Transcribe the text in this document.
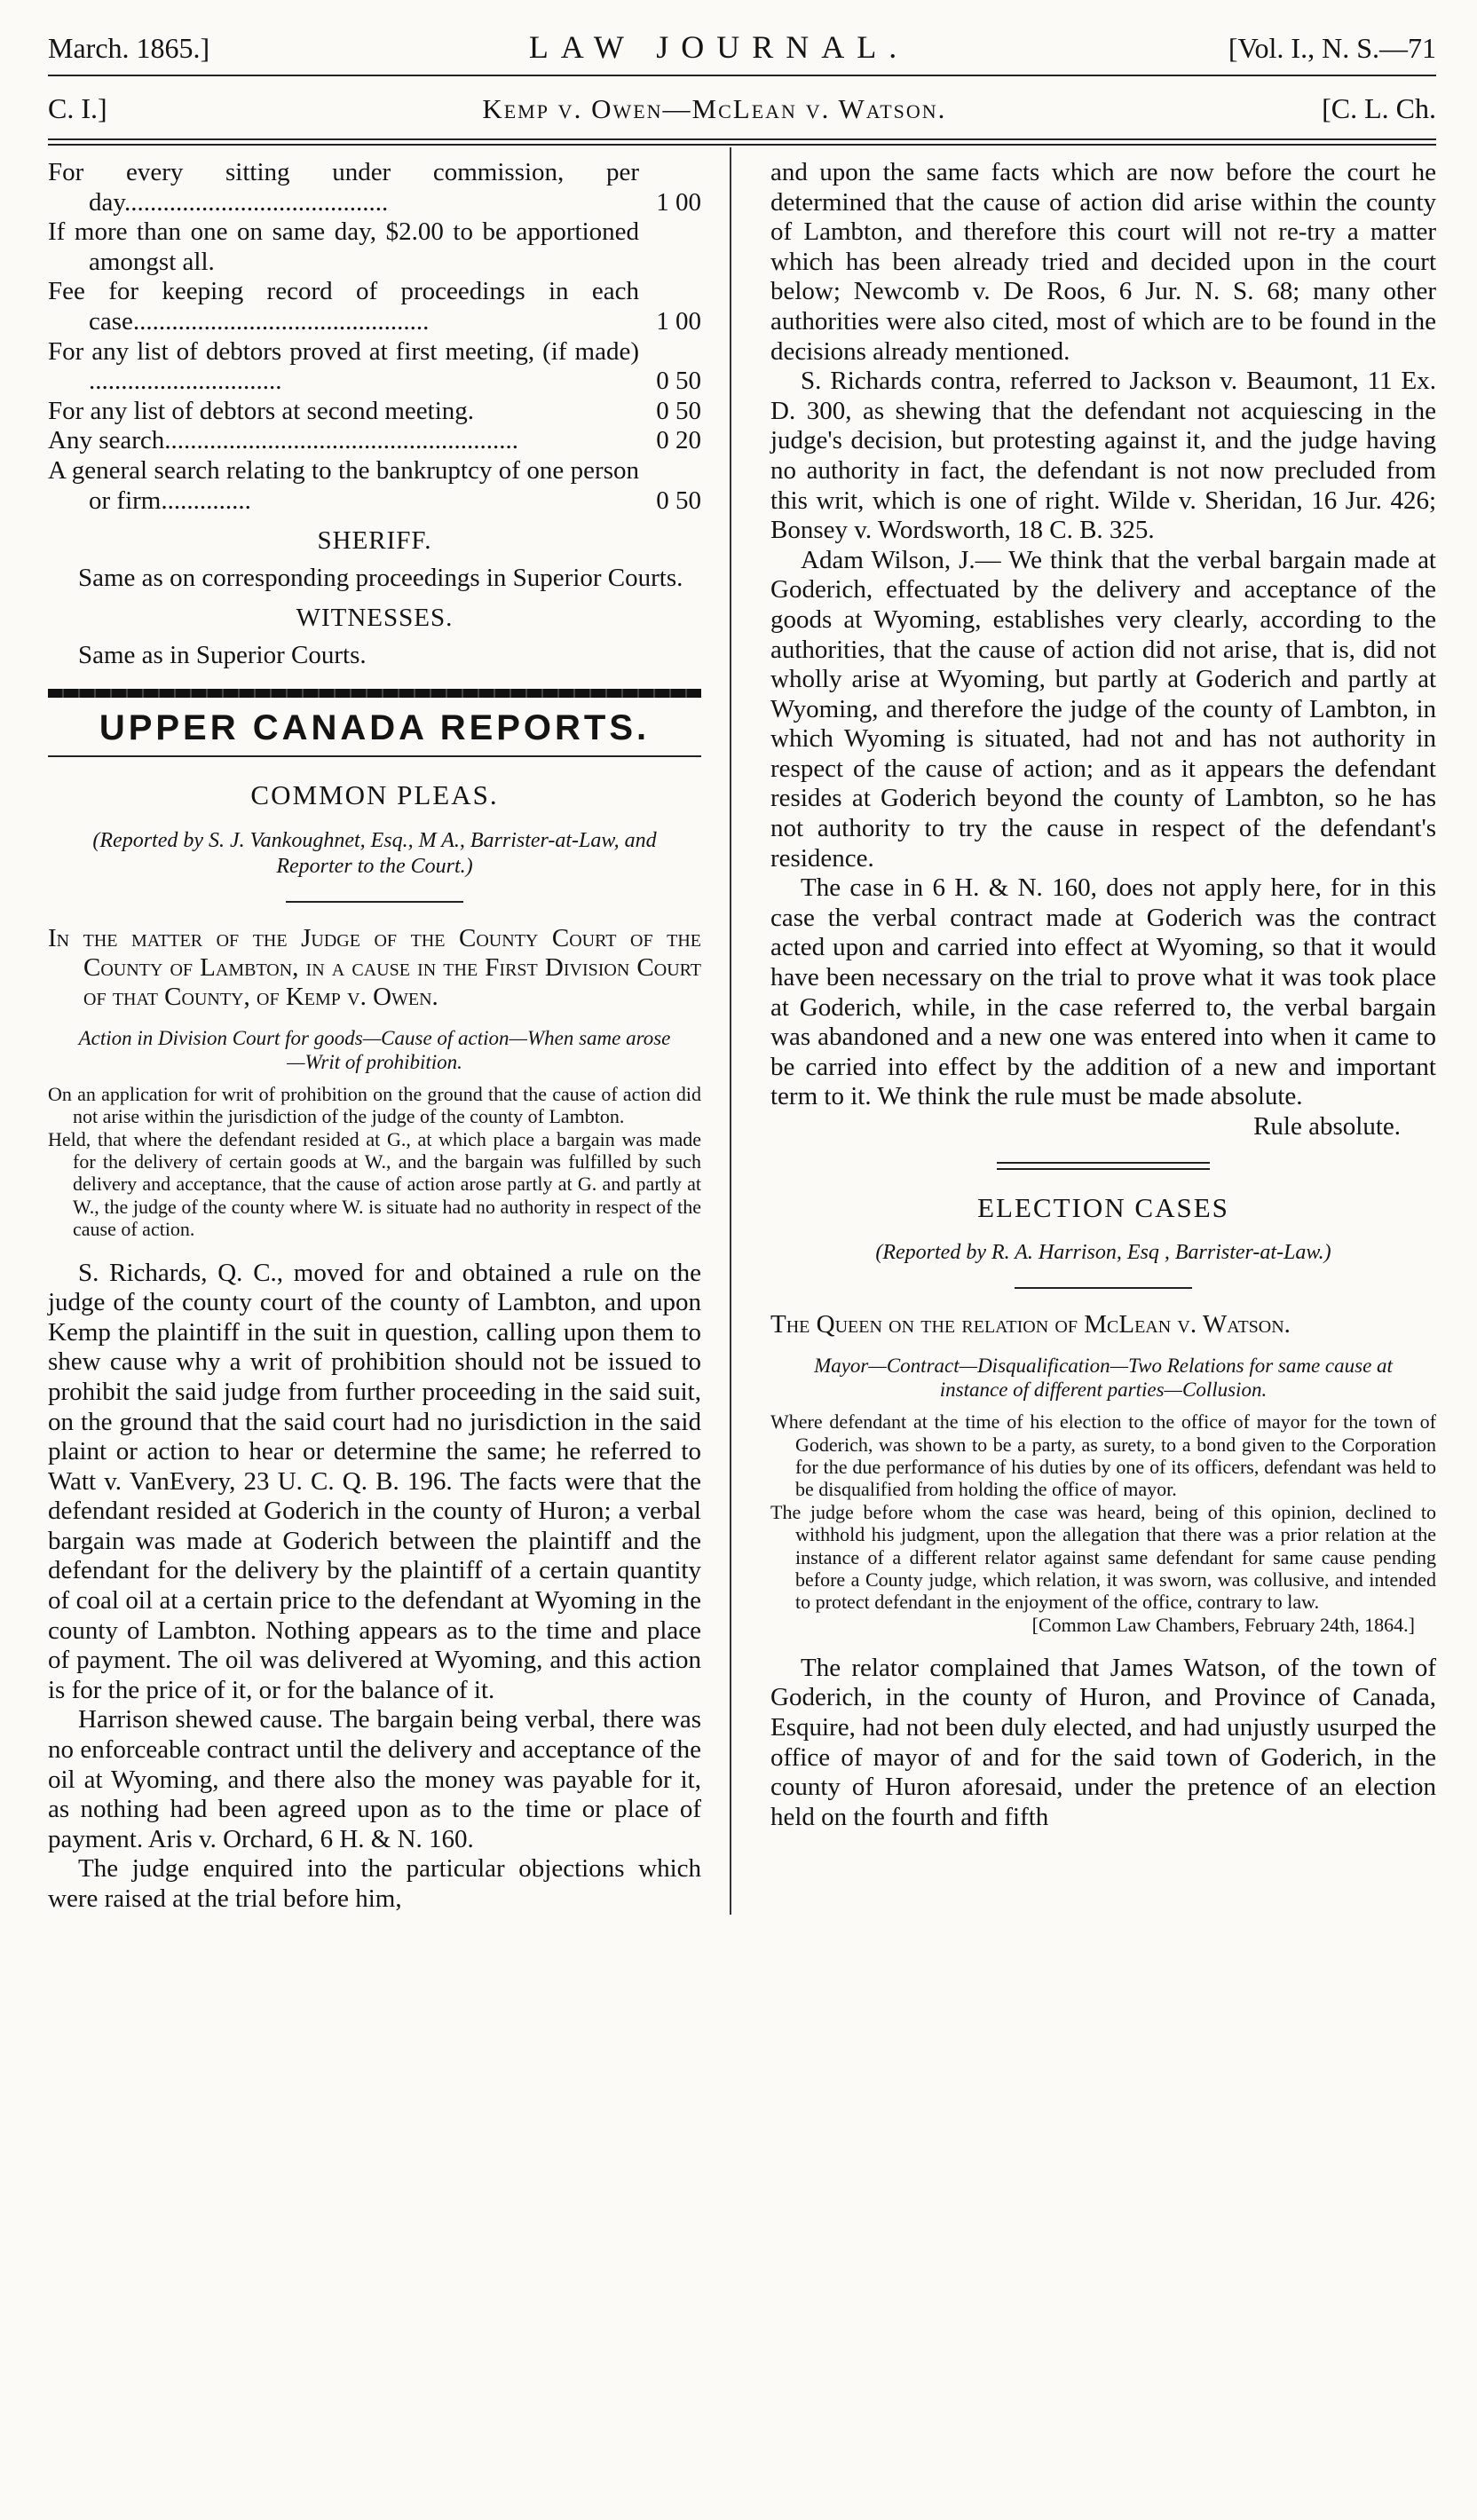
March. 1865.]	LAW JOURNAL.	[Vol. I., N. S.—71
C. I.]	Kemp v. Owen—McLean v. Watson.	[C. L. Ch.
For every sitting under commission, per day.........................................	1 00
If more than one on same day, $2.00 to be apportioned amongst all.
Fee for keeping record of proceedings in each case..............................................	1 00
For any list of debtors proved at first meeting, (if made) ..............................	0 50
For any list of debtors at second meeting.	0 50
Any search.......................................................	0 20
A general search relating to the bankruptcy of one person or firm..............	0 50
SHERIFF.

Same as on corresponding proceedings in Superior Courts.

WITNESSES.

Same as in Superior Courts.

UPPER CANADA REPORTS.
COMMON PLEAS.
(Reported by S. J. Vankoughnet, Esq., M A., Barrister-at-Law, and Reporter to the Court.)
In the matter of the Judge of the County Court of the County of Lambton, in a cause in the First Division Court of that County, of Kemp v. Owen.
Action in Division Court for goods—Cause of action—When same arose—Writ of prohibition.

On an application for writ of prohibition on the ground that the cause of action did not arise within the jurisdiction of the judge of the county of Lambton.

Held, that where the defendant resided at G., at which place a bargain was made for the delivery of certain goods at W., and the bargain was fulfilled by such delivery and acceptance, that the cause of action arose partly at G. and partly at W., the judge of the county where W. is situate had no authority in respect of the cause of action.

S. Richards, Q. C., moved for and obtained a rule on the judge of the county court of the county of Lambton, and upon Kemp the plaintiff in the suit in question, calling upon them to shew cause why a writ of prohibition should not be issued to prohibit the said judge from further proceeding in the said suit, on the ground that the said court had no jurisdiction in the said plaint or action to hear or determine the same; he referred to Watt v. VanEvery, 23 U. C. Q. B. 196. The facts were that the defendant resided at Goderich in the county of Huron; a verbal bargain was made at Goderich between the plaintiff and the defendant for the delivery by the plaintiff of a certain quantity of coal oil at a certain price to the defendant at Wyoming in the county of Lambton. Nothing appears as to the time and place of payment. The oil was delivered at Wyoming, and this action is for the price of it, or for the balance of it.

Harrison shewed cause. The bargain being verbal, there was no enforceable contract until the delivery and acceptance of the oil at Wyoming, and there also the money was payable for it, as nothing had been agreed upon as to the time or place of payment. Aris v. Orchard, 6 H. & N. 160.

The judge enquired into the particular objections which were raised at the trial before him,

and upon the same facts which are now before the court he determined that the cause of action did arise within the county of Lambton, and therefore this court will not re-try a matter which has been already tried and decided upon in the court below; Newcomb v. De Roos, 6 Jur. N. S. 68; many other authorities were also cited, most of which are to be found in the decisions already mentioned.

S. Richards contra, referred to Jackson v. Beaumont, 11 Ex. D. 300, as shewing that the defendant not acquiescing in the judge's decision, but protesting against it, and the judge having no authority in fact, the defendant is not now precluded from this writ, which is one of right. Wilde v. Sheridan, 16 Jur. 426; Bonsey v. Wordsworth, 18 C. B. 325.

Adam Wilson, J.— We think that the verbal bargain made at Goderich, effectuated by the delivery and acceptance of the goods at Wyoming, establishes very clearly, according to the authorities, that the cause of action did not arise, that is, did not wholly arise at Wyoming, but partly at Goderich and partly at Wyoming, and therefore the judge of the county of Lambton, in which Wyoming is situated, had not and has not authority in respect of the cause of action; and as it appears the defendant resides at Goderich beyond the county of Lambton, so he has not authority to try the cause in respect of the defendant's residence.

The case in 6 H. & N. 160, does not apply here, for in this case the verbal contract made at Goderich was the contract acted upon and carried into effect at Wyoming, so that it would have been necessary on the trial to prove what it was took place at Goderich, while, in the case referred to, the verbal bargain was abandoned and a new one was entered into when it came to be carried into effect by the addition of a new and important term to it. We think the rule must be made absolute.

Rule absolute.

ELECTION CASES
(Reported by R. A. Harrison, Esq , Barrister-at-Law.)
The Queen on the relation of McLean v. Watson.
Mayor—Contract—Disqualification—Two Relations for same cause at instance of different parties—Collusion.

Where defendant at the time of his election to the office of mayor for the town of Goderich, was shown to be a party, as surety, to a bond given to the Corporation for the due performance of his duties by one of its officers, defendant was held to be disqualified from holding the office of mayor.

The judge before whom the case was heard, being of this opinion, declined to withhold his judgment, upon the allegation that there was a prior relation at the instance of a different relator against same defendant for same cause pending before a County judge, which relation, it was sworn, was collusive, and intended to protect defendant in the enjoyment of the office, contrary to law.

[Common Law Chambers, February 24th, 1864.]

The relator complained that James Watson, of the town of Goderich, in the county of Huron, and Province of Canada, Esquire, had not been duly elected, and had unjustly usurped the office of mayor of and for the said town of Goderich, in the county of Huron aforesaid, under the pretence of an election held on the fourth and fifth
